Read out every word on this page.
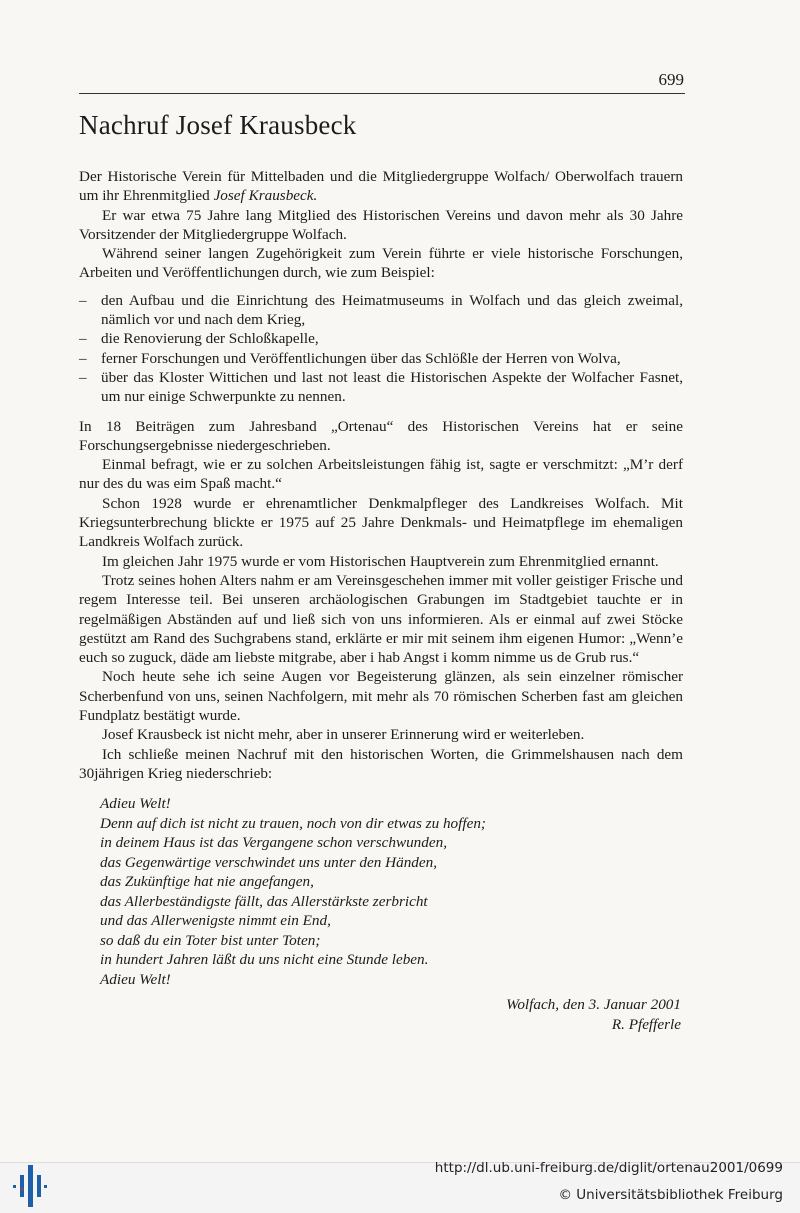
699
Nachruf Josef Krausbeck

Der Historische Verein für Mittelbaden und die Mitgliedergruppe Wolfach/ Oberwolfach trauern um ihr Ehrenmitglied Josef Krausbeck.

Er war etwa 75 Jahre lang Mitglied des Historischen Vereins und davon mehr als 30 Jahre Vorsitzender der Mitgliedergruppe Wolfach.

Während seiner langen Zugehörigkeit zum Verein führte er viele historische Forschungen, Arbeiten und Veröffentlichungen durch, wie zum Beispiel:

– den Aufbau und die Einrichtung des Heimatmuseums in Wolfach und das gleich zweimal, nämlich vor und nach dem Krieg,
– die Renovierung der Schloßkapelle,
– ferner Forschungen und Veröffentlichungen über das Schlößle der Herren von Wolva,
– über das Kloster Wittichen und last not least die Historischen Aspekte der Wolfacher Fasnet, um nur einige Schwerpunkte zu nennen.

In 18 Beiträgen zum Jahresband „Ortenau“ des Historischen Vereins hat er seine Forschungsergebnisse niedergeschrieben.

Einmal befragt, wie er zu solchen Arbeitsleistungen fähig ist, sagte er verschmitzt: „M’r derf nur des du was eim Spaß macht.“

Schon 1928 wurde er ehrenamtlicher Denkmalpfleger des Landkreises Wolfach. Mit Kriegsunterbrechung blickte er 1975 auf 25 Jahre Denkmals- und Heimatpflege im ehemaligen Landkreis Wolfach zurück.

Im gleichen Jahr 1975 wurde er vom Historischen Hauptverein zum Ehrenmitglied ernannt.

Trotz seines hohen Alters nahm er am Vereinsgeschehen immer mit voller geistiger Frische und regem Interesse teil. Bei unseren archäologischen Grabungen im Stadtgebiet tauchte er in regelmäßigen Abständen auf und ließ sich von uns informieren. Als er einmal auf zwei Stöcke gestützt am Rand des Suchgrabens stand, erklärte er mir mit seinem ihm eigenen Humor: „Wenn’e euch so zuguck, däde am liebste mitgrabe, aber i hab Angst i komm nimme us de Grub rus.“

Noch heute sehe ich seine Augen vor Begeisterung glänzen, als sein einzelner römischer Scherbenfund von uns, seinen Nachfolgern, mit mehr als 70 römischen Scherben fast am gleichen Fundplatz bestätigt wurde.

Josef Krausbeck ist nicht mehr, aber in unserer Erinnerung wird er weiterleben.

Ich schließe meinen Nachruf mit den historischen Worten, die Grimmelshausen nach dem 30jährigen Krieg niederschrieb:

Adieu Welt!
Denn auf dich ist nicht zu trauen, noch von dir etwas zu hoffen;
in deinem Haus ist das Vergangene schon verschwunden,
das Gegenwärtige verschwindet uns unter den Händen,
das Zukünftige hat nie angefangen,
das Allerbeständigste fällt, das Allerstärkste zerbricht
und das Allerwenigste nimmt ein End,
so daß du ein Toter bist unter Toten;
in hundert Jahren läßt du uns nicht eine Stunde leben.
Adieu Welt!
Wolfach, den 3. Januar 2001
R. Pfefferle
http://dl.ub.uni-freiburg.de/diglit/ortenau2001/0699
© Universitätsbibliothek Freiburg
